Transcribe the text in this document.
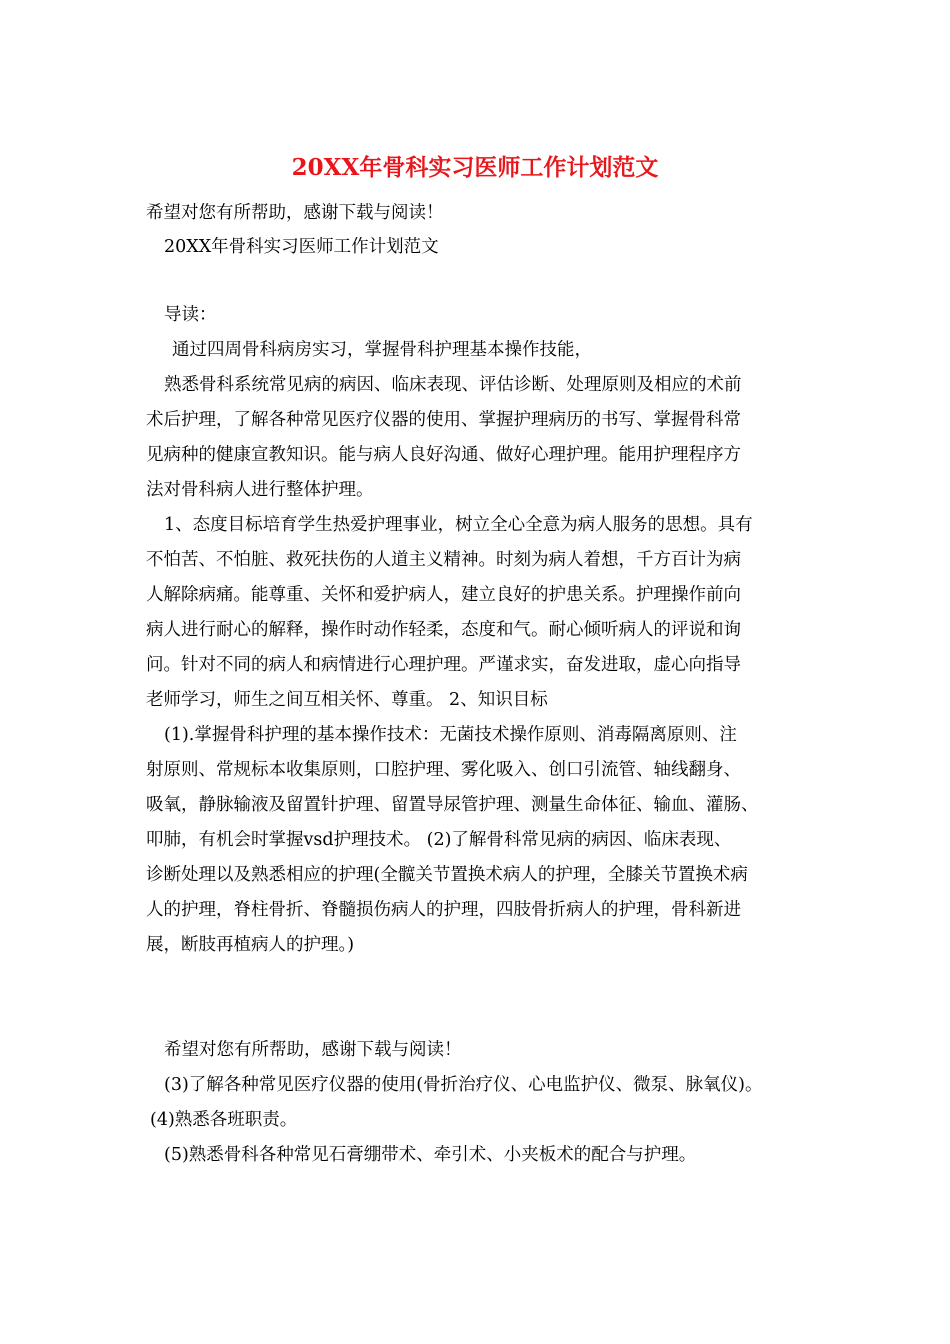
20XX年骨科实习医师工作计划范文

希望对您有所帮助，感谢下载与阅读！

20XX年骨科实习医师工作计划范文

导读：

通过四周骨科病房实习，掌握骨科护理基本操作技能，

熟悉骨科系统常见病的病因、临床表现、评估诊断、处理原则及相应的术前

术后护理，了解各种常见医疗仪器的使用、掌握护理病历的书写、掌握骨科常

见病种的健康宣教知识。能与病人良好沟通、做好心理护理。能用护理程序方

法对骨科病人进行整体护理。

1、态度目标培育学生热爱护理事业，树立全心全意为病人服务的思想。具有

不怕苦、不怕脏、救死扶伤的人道主义精神。时刻为病人着想，千方百计为病

人解除病痛。能尊重、关怀和爱护病人，建立良好的护患关系。护理操作前向

病人进行耐心的解释，操作时动作轻柔，态度和气。耐心倾听病人的评说和询

问。针对不同的病人和病情进行心理护理。严谨求实，奋发进取，虚心向指导

老师学习，师生之间互相关怀、尊重。 2、知识目标

(1).掌握骨科护理的基本操作技术：无菌技术操作原则、消毒隔离原则、注

射原则、常规标本收集原则，口腔护理、雾化吸入、创口引流管、轴线翻身、

吸氧，静脉输液及留置针护理、留置导尿管护理、测量生命体征、输血、灌肠、

叩肺，有机会时掌握vsd护理技术。 (2)了解骨科常见病的病因、临床表现、

诊断处理以及熟悉相应的护理(全髋关节置换术病人的护理，全膝关节置换术病

人的护理，脊柱骨折、脊髓损伤病人的护理，四肢骨折病人的护理，骨科新进

展，断肢再植病人的护理。)

希望对您有所帮助，感谢下载与阅读！

(3)了解各种常见医疗仪器的使用(骨折治疗仪、心电监护仪、微泵、脉氧仪)。

(4)熟悉各班职责。

(5)熟悉骨科各种常见石膏绷带术、牵引术、小夹板术的配合与护理。
